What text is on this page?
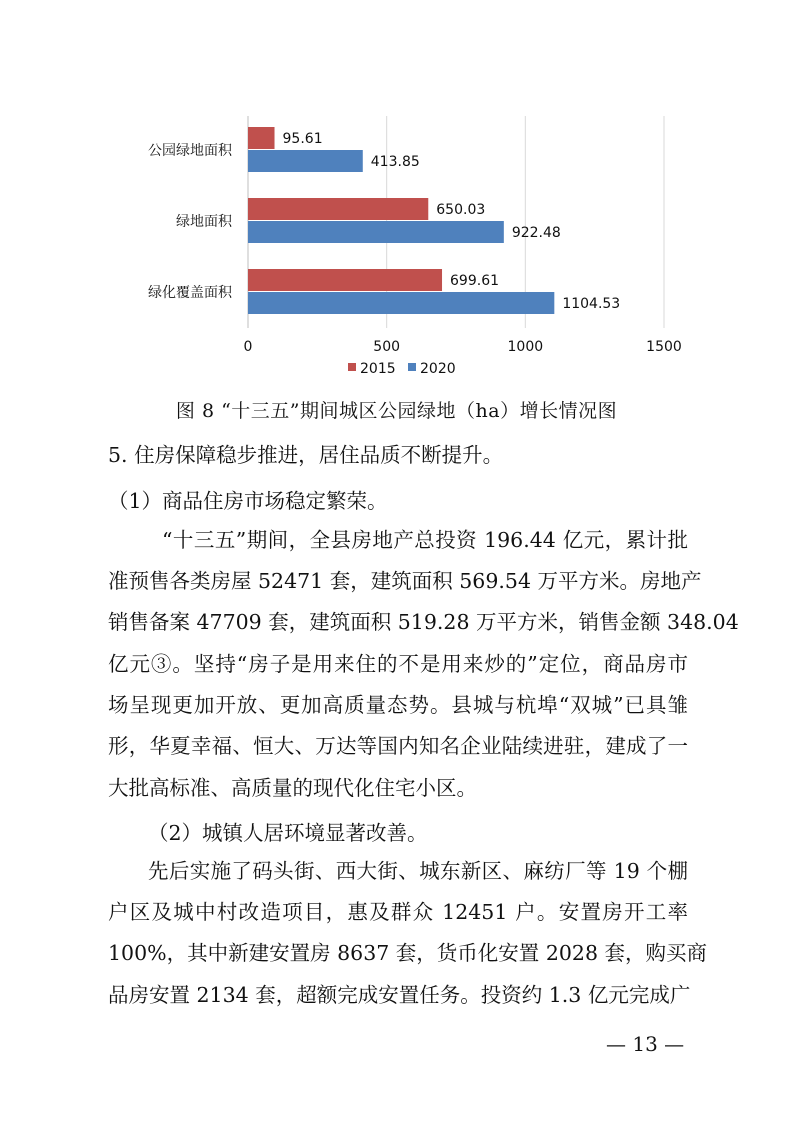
0	500	1000	1500
公园绿地面积
95.61
413.85
绿地面积
650.03
922.48
绿化覆盖面积
699.61
1104.53
2015 2020
图 8 “十三五”期间城区公园绿地（ha）增长情况图
5. 住房保障稳步推进，居住品质不断提升。
（1）商品住房市场稳定繁荣。
“十三五”期间，全县房地产总投资 196.44 亿元，累计批
准预售各类房屋 52471 套，建筑面积 569.54 万平方米。房地产
销售备案 47709 套，建筑面积 519.28 万平方米，销售金额 348.04
亿元③。坚持“房子是用来住的不是用来炒的”定位，商品房市
场呈现更加开放、更加高质量态势。县城与杭埠“双城”已具雏
形，华夏幸福、恒大、万达等国内知名企业陆续进驻，建成了一
大批高标准、高质量的现代化住宅小区。
（2）城镇人居环境显著改善。
先后实施了码头街、西大街、城东新区、麻纺厂等 19 个棚
户区及城中村改造项目，惠及群众 12451 户。安置房开工率
100%，其中新建安置房 8637 套，货币化安置 2028 套，购买商
品房安置 2134 套，超额完成安置任务。投资约 1.3 亿元完成广
— 13 —
